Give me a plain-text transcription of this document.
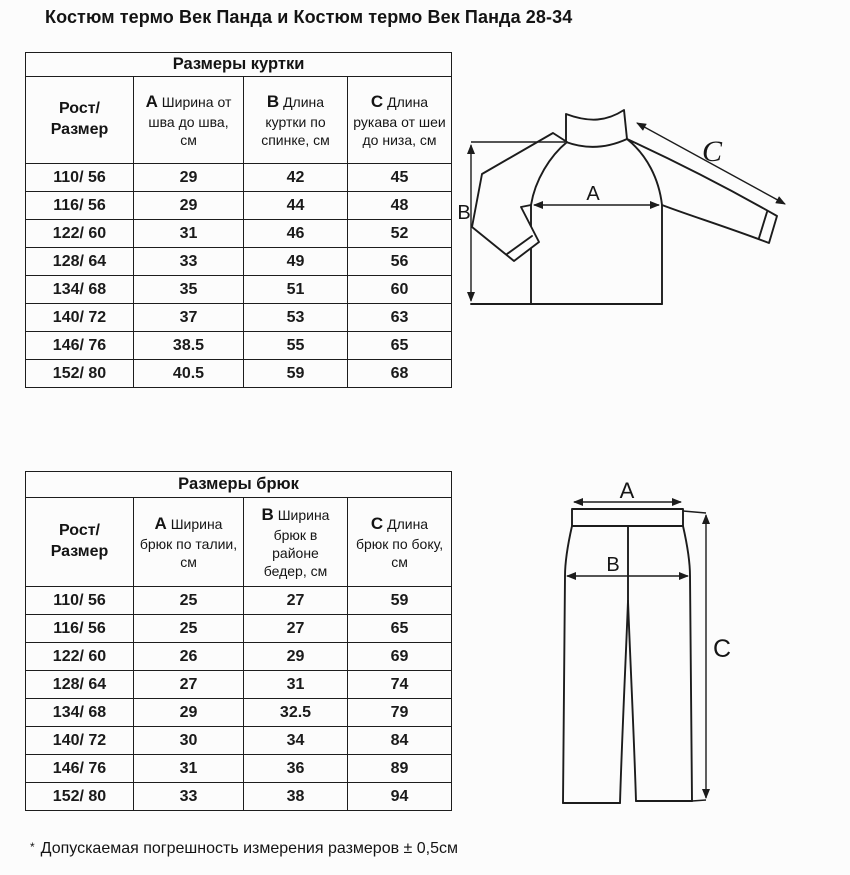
Костюм термо Век Панда и Костюм термо Век Панда 28-34
Размеры куртки			
Рост/Размер	A Ширина от шва до шва, см	B Длина куртки по спинке, см	C Длина рукава от шеи до низа, см
110/ 56	29	42	45
116/ 56	29	44	48
122/ 60	31	46	52
128/ 64	33	49	56
134/ 68	35	51	60
140/ 72	37	53	63
146/ 76	38.5	55	65
152/ 80	40.5	59	68
Размеры брюк			
Рост/Размер	A Ширина брюк по талии, см	B Ширина брюк в районе бедер, см	C Длина брюк по боку, см
110/ 56	25	27	59
116/ 56	25	27	65
122/ 60	26	29	69
128/ 64	27	31	74
134/ 68	29	32.5	79
140/ 72	30	34	84
146/ 76	31	36	89
152/ 80	33	38	94
A
B
C
A
B
C
* Допускаемая погрешность измерения размеров ± 0,5см
